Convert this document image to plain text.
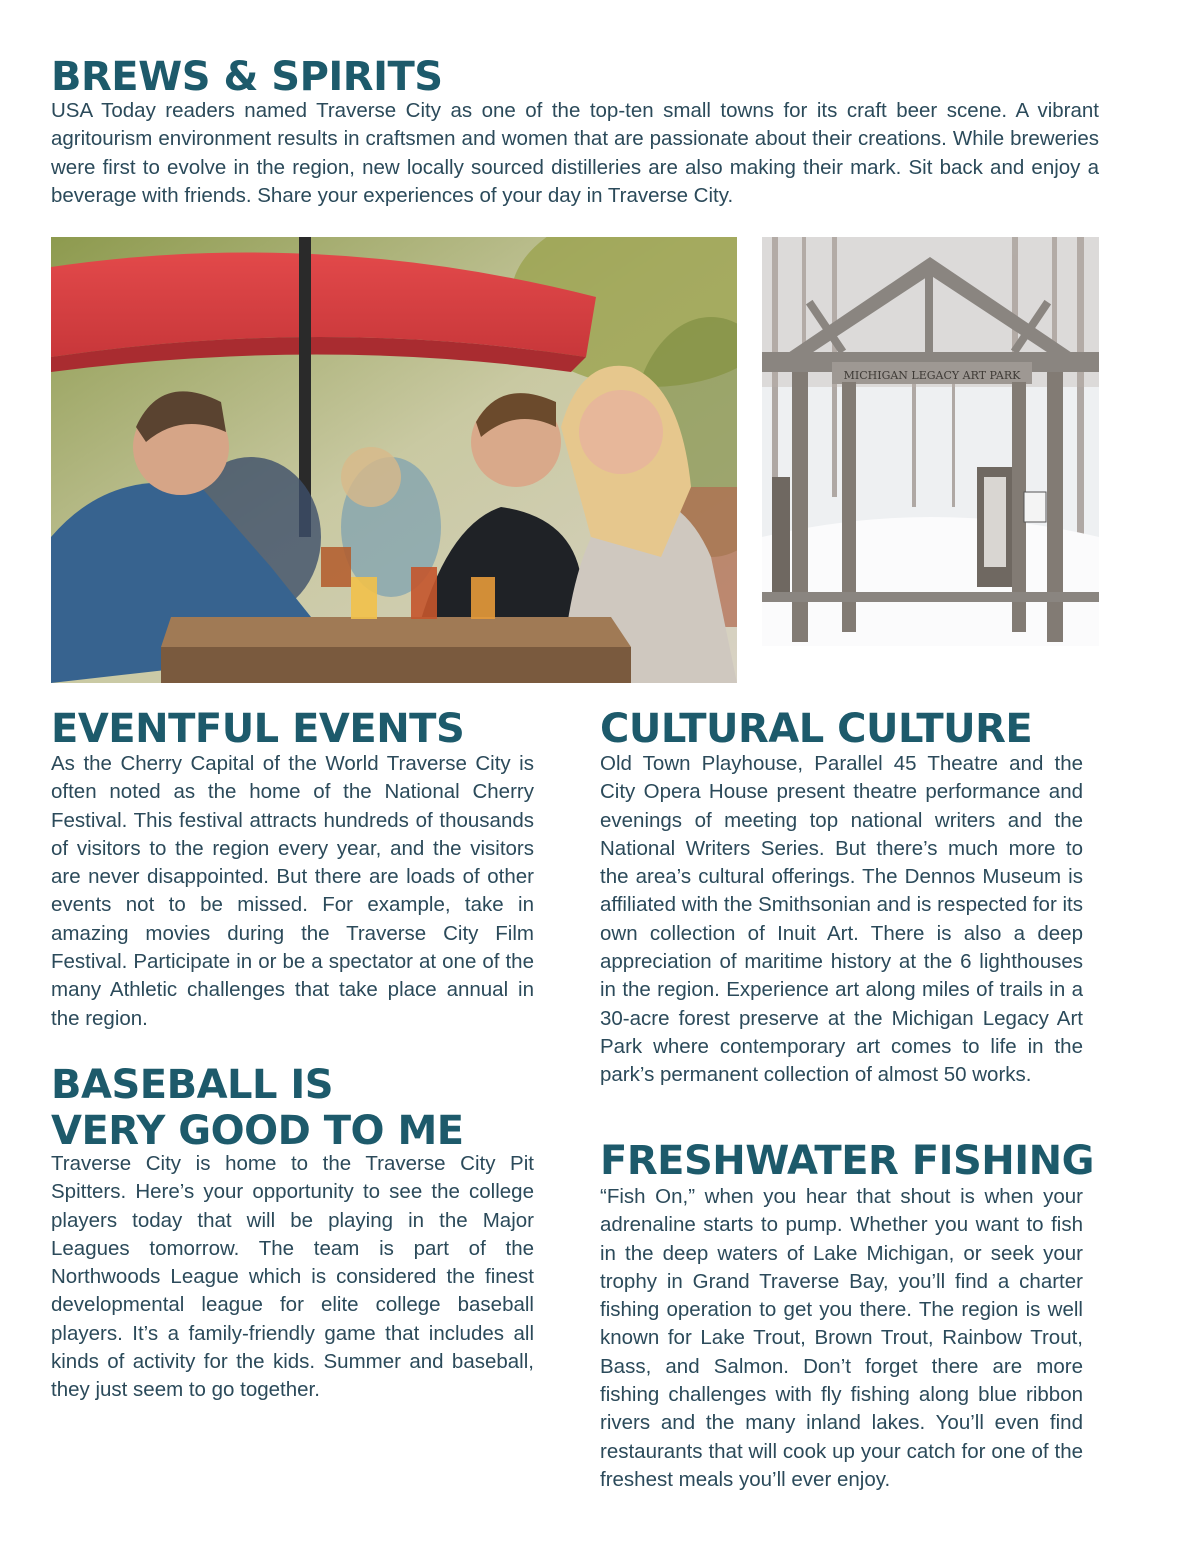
BREWS & SPIRITS

USA Today readers named Traverse City as one of the top-ten small towns for its craft beer scene. A vibrant agritourism environment results in craftsmen and women that are passionate about their creations. While breweries were first to evolve in the region, new locally sourced distilleries are also making their mark. Sit back and enjoy a beverage with friends. Share your experiences of your day in Traverse City.

MICHIGAN LEGACY ART PARK
EVENTFUL EVENTS

As the Cherry Capital of the World Traverse City is often noted as the home of the National Cherry Festival. This festival attracts hundreds of thousands of visitors to the region every year, and the visitors are never disappointed. But there are loads of other events not to be missed. For example, take in amazing movies during the Traverse City Film Festival. Participate in or be a spectator at one of the many Athletic challenges that take place annual in the region.

BASEBALL IS
VERY GOOD TO ME

Traverse City is home to the Traverse City Pit Spitters. Here’s your opportunity to see the college players today that will be playing in the Major Leagues tomorrow. The team is part of the Northwoods League which is considered the finest developmental league for elite college baseball players. It’s a family-friendly game that includes all kinds of activity for the kids. Summer and baseball, they just seem to go together.

CULTURAL CULTURE

Old Town Playhouse, Parallel 45 Theatre and the City Opera House present theatre performance and evenings of meeting top national writers and the National Writers Series. But there’s much more to the area’s cultural offerings. The Dennos Museum is affiliated with the Smithsonian and is respected for its own collection of Inuit Art. There is also a deep appreciation of maritime history at the 6 lighthouses in the region. Experience art along miles of trails in a 30-acre forest preserve at the Michigan Legacy Art Park where contemporary art comes to life in the park’s permanent collection of almost 50 works.

FRESHWATER FISHING

“Fish On,” when you hear that shout is when your adrenaline starts to pump. Whether you want to fish in the deep waters of Lake Michigan, or seek your trophy in Grand Traverse Bay, you’ll find a charter fishing operation to get you there. The region is well known for Lake Trout, Brown Trout, Rainbow Trout, Bass, and Salmon. Don’t forget there are more fishing challenges with fly fishing along blue ribbon rivers and the many inland lakes. You’ll even find restaurants that will cook up your catch for one of the freshest meals you’ll ever enjoy.
